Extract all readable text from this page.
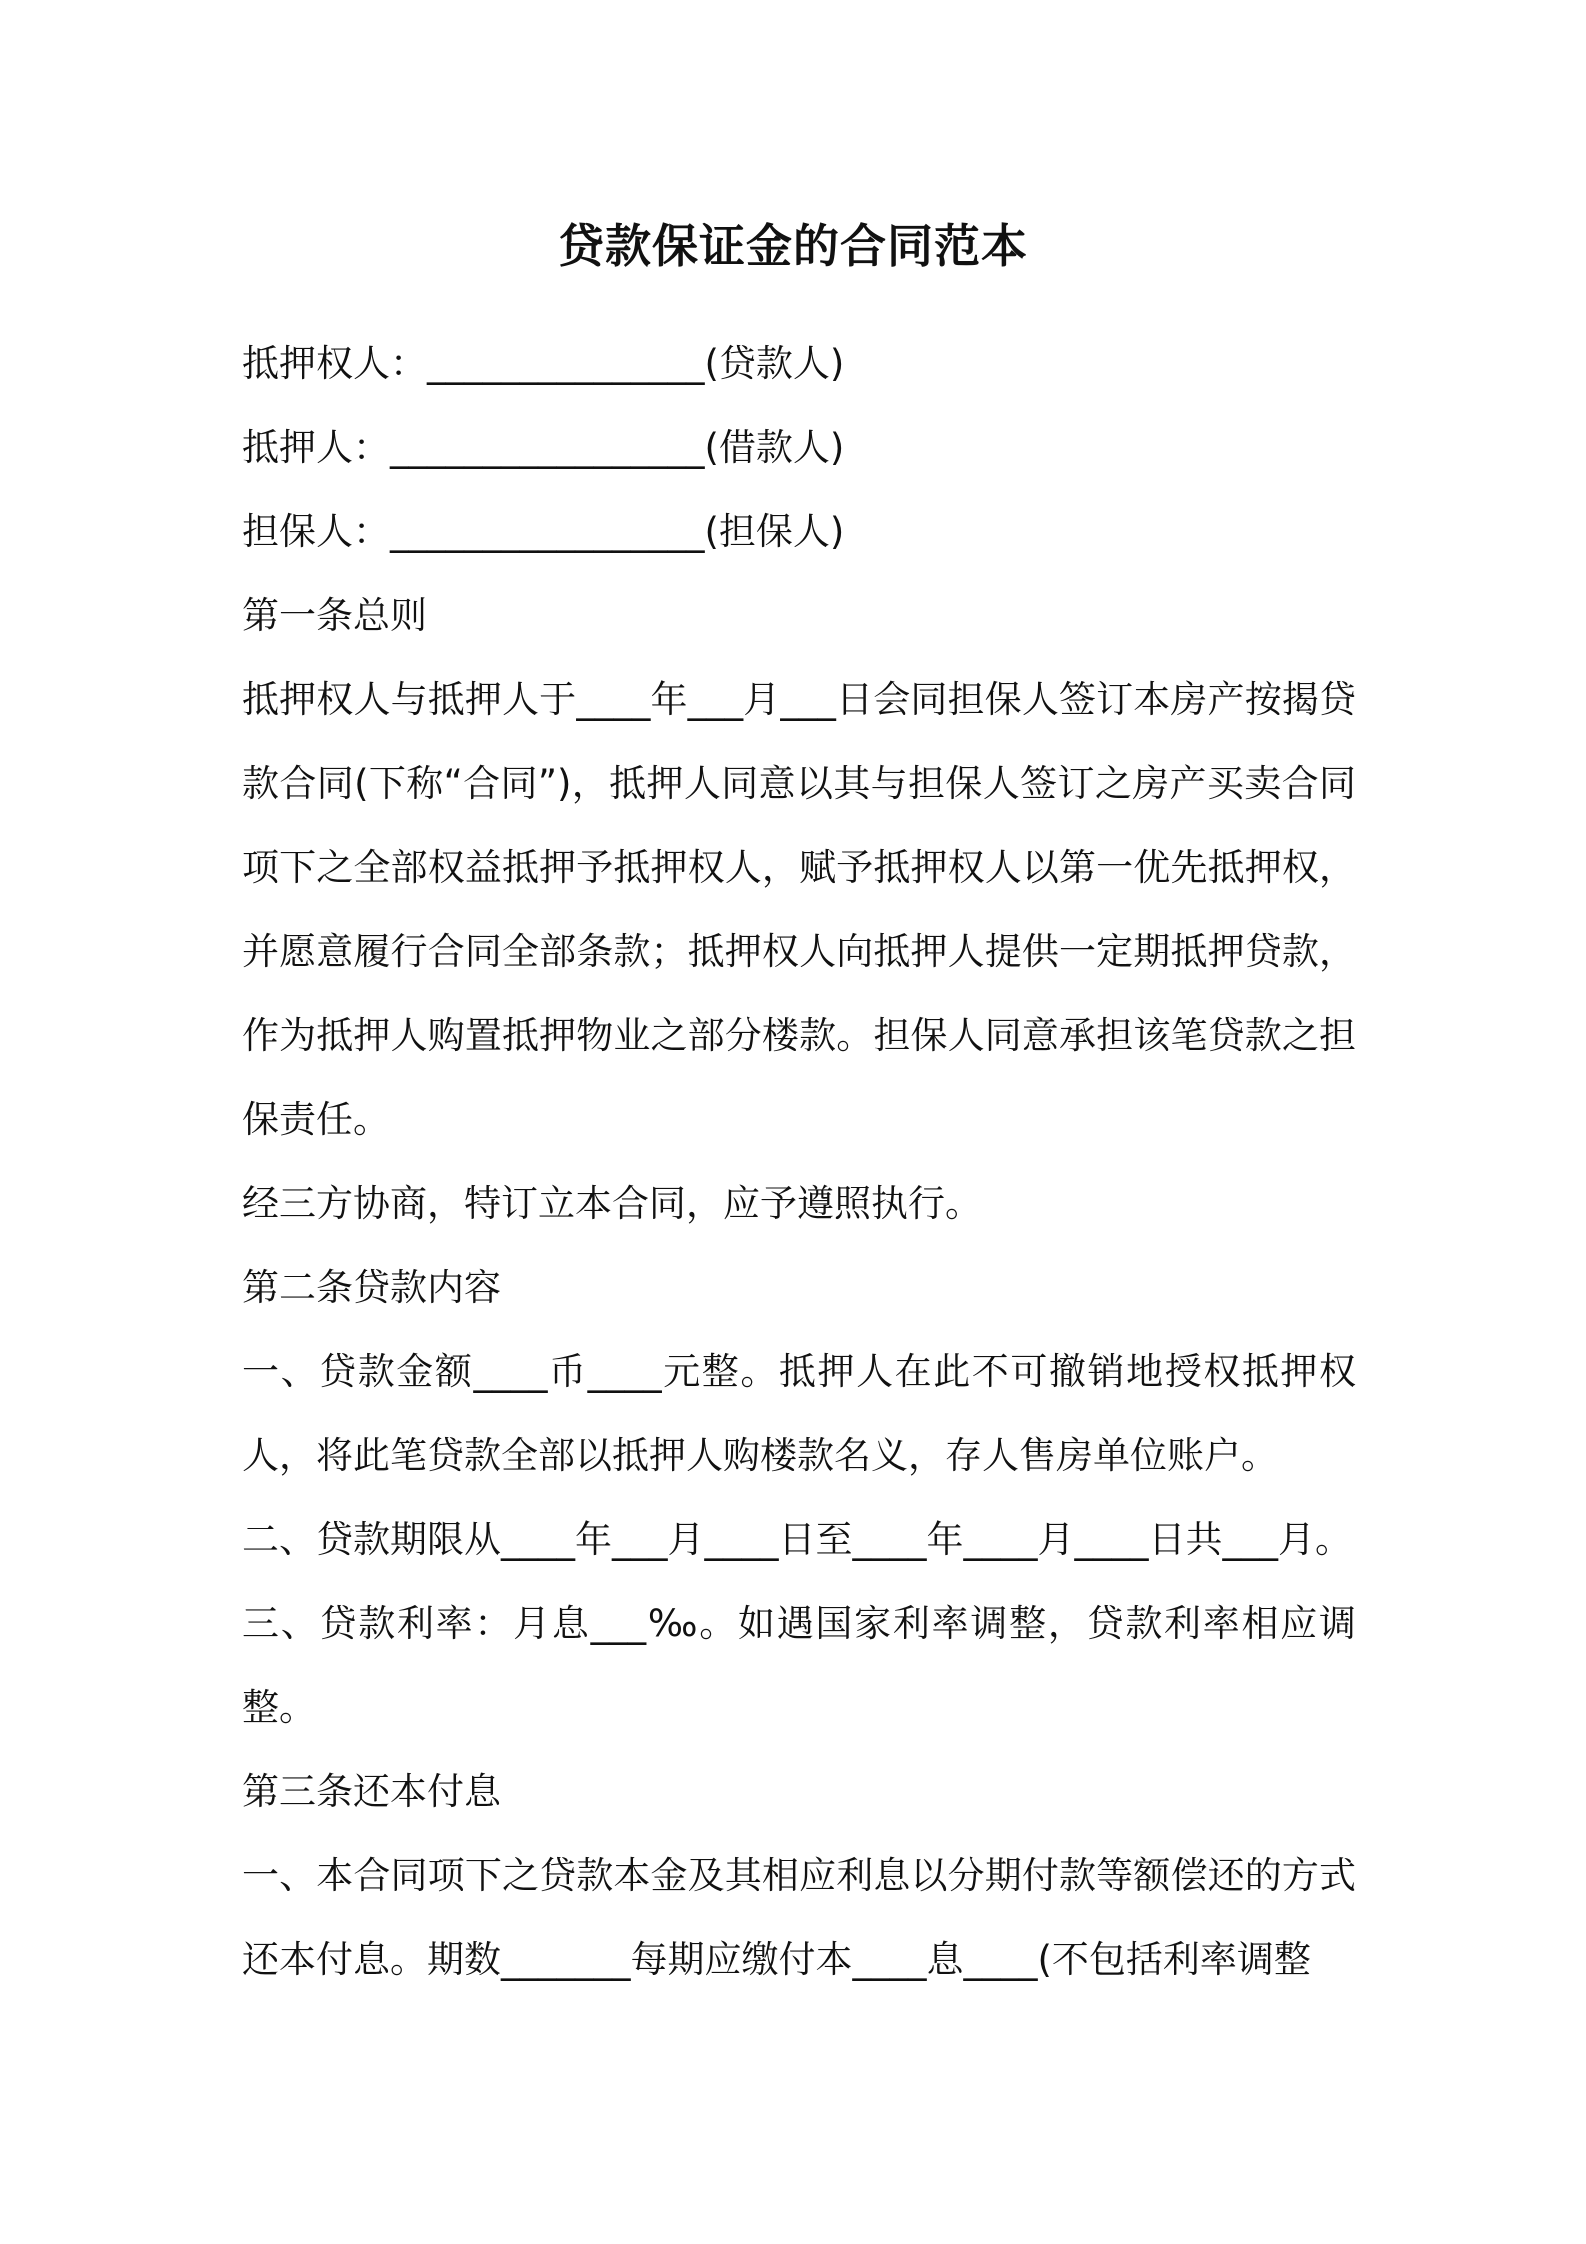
贷款保证金的合同范本

抵押权人：_______________(贷款人)

抵押人：_________________(借款人)

担保人：_________________(担保人)

第一条总则

抵押权人与抵押人于____年___月___日会同担保人签订本房产按揭贷款合同(下称“合同”)，抵押人同意以其与担保人签订之房产买卖合同项下之全部权益抵押予抵押权人，赋予抵押权人以第一优先抵押权，并愿意履行合同全部条款；抵押权人向抵押人提供一定期抵押贷款，作为抵押人购置抵押物业之部分楼款。担保人同意承担该笔贷款之担保责任。

经三方协商，特订立本合同，应予遵照执行。

第二条贷款内容

一、贷款金额____币____元整。抵押人在此不可撤销地授权抵押权人，将此笔贷款全部以抵押人购楼款名义，存人售房单位账户。

二、贷款期限从____年___月____日至____年____月____日共___月。

三、贷款利率：月息___‰。如遇国家利率调整，贷款利率相应调整。

第三条还本付息

一、本合同项下之贷款本金及其相应利息以分期付款等额偿还的方式还本付息。期数_______每期应缴付本____息____(不包括利率调整
